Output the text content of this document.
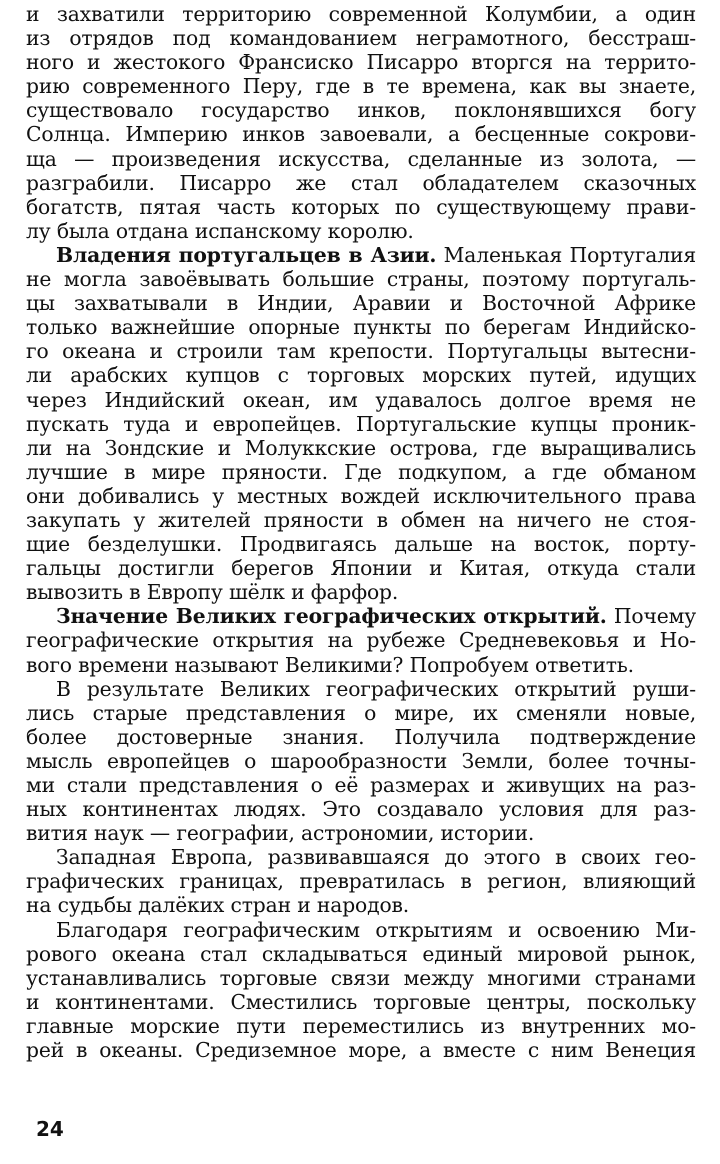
и захватили территорию современной Колумбии, а один
из отрядов под командованием неграмотного, бесстраш-
ного и жестокого Франсиско Писарро вторгся на террито-
рию современного Перу, где в те времена, как вы знаете,
существовало государство инков, поклонявшихся богу
Солнца. Империю инков завоевали, а бесценные сокрови-
ща — произведения искусства, сделанные из золота, —
разграбили. Писарро же стал обладателем сказочных
богатств, пятая часть которых по существующему прави-
лу была отдана испанскому королю.
Владения португальцев в Азии. Маленькая Португалия
не могла завоёвывать большие страны, поэтому португаль-
цы захватывали в Индии, Аравии и Восточной Африке
только важнейшие опорные пункты по берегам Индийско-
го океана и строили там крепости. Португальцы вытесни-
ли арабских купцов с торговых морских путей, идущих
через Индийский океан, им удавалось долгое время не
пускать туда и европейцев. Португальские купцы проник-
ли на Зондские и Молуккские острова, где выращивались
лучшие в мире пряности. Где подкупом, а где обманом
они добивались у местных вождей исключительного права
закупать у жителей пряности в обмен на ничего не стоя-
щие безделушки. Продвигаясь дальше на восток, порту-
гальцы достигли берегов Японии и Китая, откуда стали
вывозить в Европу шёлк и фарфор.
Значение Великих географических открытий. Почему
географические открытия на рубеже Средневековья и Но-
вого времени называют Великими? Попробуем ответить.
В результате Великих географических открытий руши-
лись старые представления о мире, их сменяли новые,
более достоверные знания. Получила подтверждение
мысль европейцев о шарообразности Земли, более точны-
ми стали представления о её размерах и живущих на раз-
ных континентах людях. Это создавало условия для раз-
вития наук — географии, астрономии, истории.
Западная Европа, развивавшаяся до этого в своих гео-
графических границах, превратилась в регион, влияющий
на судьбы далёких стран и народов.
Благодаря географическим открытиям и освоению Ми-
рового океана стал складываться единый мировой рынок,
устанавливались торговые связи между многими странами
и континентами. Сместились торговые центры, поскольку
главные морские пути переместились из внутренних мо-
рей в океаны. Средиземное море, а вместе с ним Венеция
24
